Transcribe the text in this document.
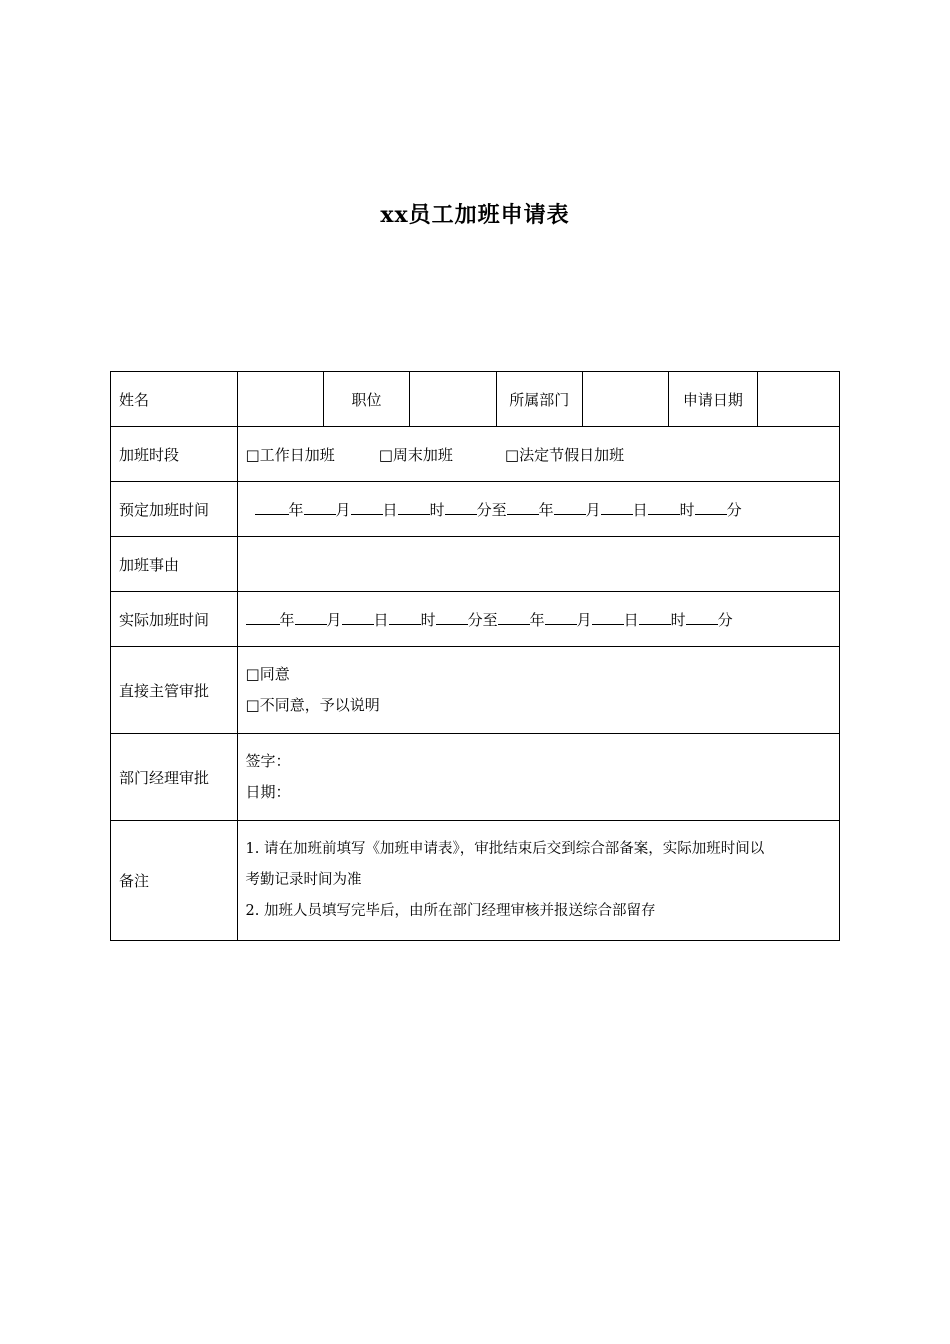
xx员工加班申请表
姓名		职位		所属部门		申请日期	
加班时段	□工作日加班 □周末加班 □法定节假日加班						
预定加班时间	年 月 日 时 分至 年 月 日 时 分						
加班事由							
实际加班时间	年 月 日 时 分至 年 月 日 时 分						
直接主管审批	□同意
□不同意，予以说明						

部门经理审批	签字：
日期：						

备注	1. 请在加班前填写《加班申请表》，审批结束后交到综合部备案，实际加班时间以
考勤记录时间为准
2. 加班人员填写完毕后，由所在部门经理审核并报送综合部留存						
